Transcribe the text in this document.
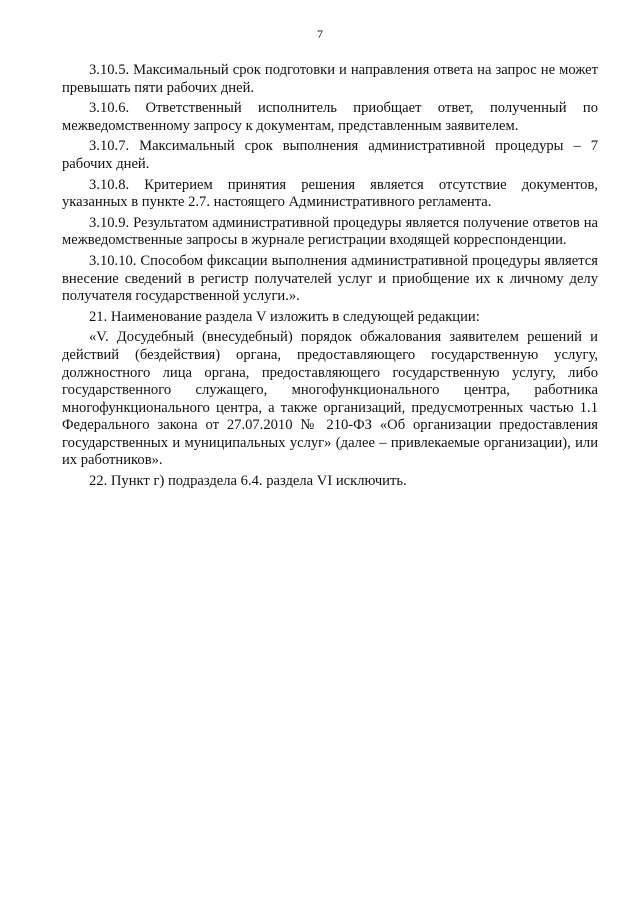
7

3.10.5. Максимальный срок подготовки и направления ответа на запрос не может превышать пяти рабочих дней.

3.10.6. Ответственный исполнитель приобщает ответ, полученный по межведомственному запросу к документам, представленным заявителем.

3.10.7. Максимальный срок выполнения административной процедуры – 7 рабочих дней.

3.10.8. Критерием принятия решения является отсутствие документов, указанных в пункте 2.7. настоящего Административного регламента.

3.10.9. Результатом административной процедуры является получение ответов на межведомственные запросы в журнале регистрации входящей корреспонденции.

3.10.10. Способом фиксации выполнения административной процедуры является внесение сведений в регистр получателей услуг и приобщение их к личному делу получателя государственной услуги.».

21. Наименование раздела V изложить в следующей редакции:

«V. Досудебный (внесудебный) порядок обжалования заявителем решений и действий (бездействия) органа, предоставляющего государственную услугу, должностного лица органа, предоставляющего государственную услугу, либо государственного служащего, многофункционального центра, работника многофункционального центра, а также организаций, предусмотренных частью 1.1 Федерального закона от 27.07.2010 № 210-ФЗ «Об организации предоставления государственных и муниципальных услуг» (далее – привлекаемые организации), или их работников».

22. Пункт г) подраздела 6.4. раздела VI исключить.
